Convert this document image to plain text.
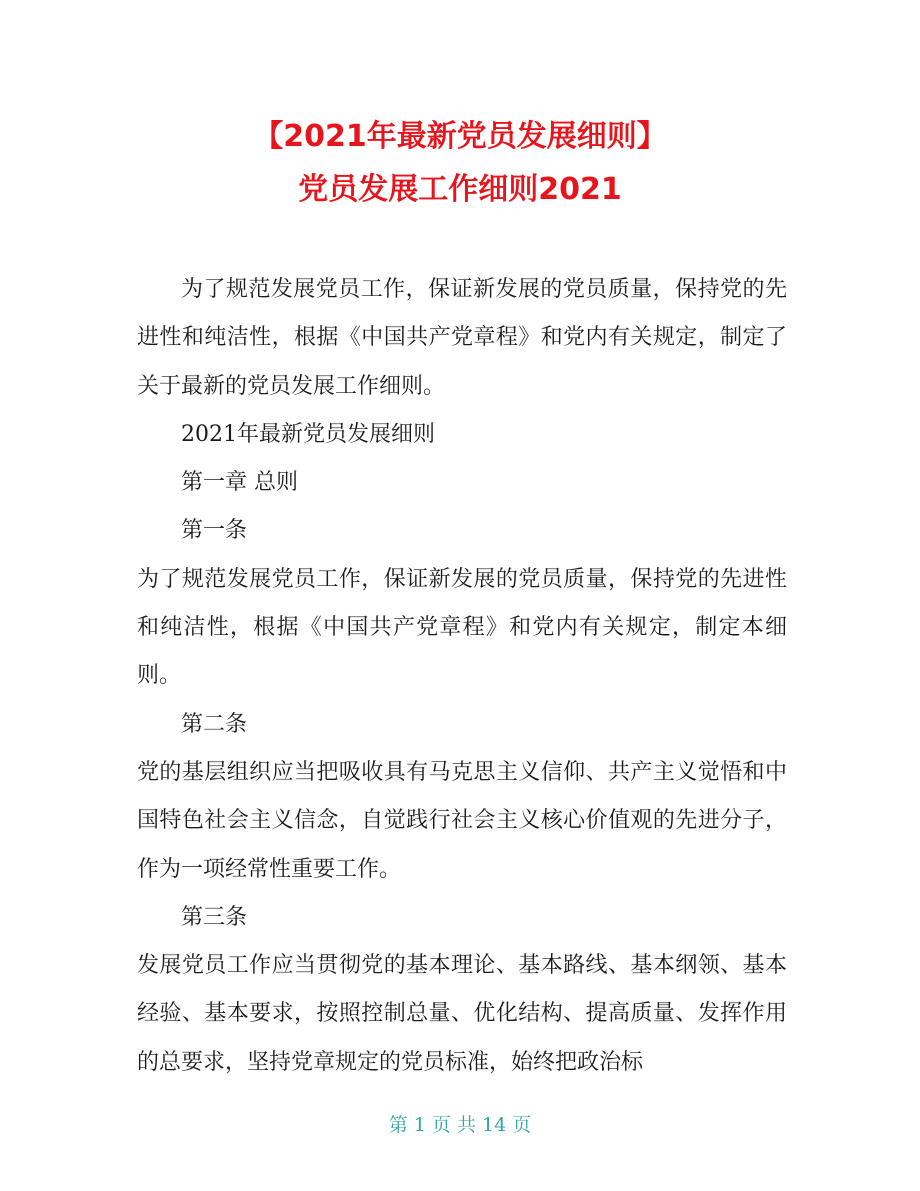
【2021年最新党员发展细则】
党员发展工作细则2021

为了规范发展党员工作，保证新发展的党员质量，保持党的先进性和纯洁性，根据《中国共产党章程》和党内有关规定，制定了关于最新的党员发展工作细则。

2021年最新党员发展细则

第一章 总则

第一条

为了规范发展党员工作，保证新发展的党员质量，保持党的先进性和纯洁性，根据《中国共产党章程》和党内有关规定，制定本细则。

第二条

党的基层组织应当把吸收具有马克思主义信仰、共产主义觉悟和中国特色社会主义信念，自觉践行社会主义核心价值观的先进分子，作为一项经常性重要工作。

第三条

发展党员工作应当贯彻党的基本理论、基本路线、基本纲领、基本经验、基本要求，按照控制总量、优化结构、提高质量、发挥作用的总要求，坚持党章规定的党员标准，始终把政治标

第 1 页 共 14 页
